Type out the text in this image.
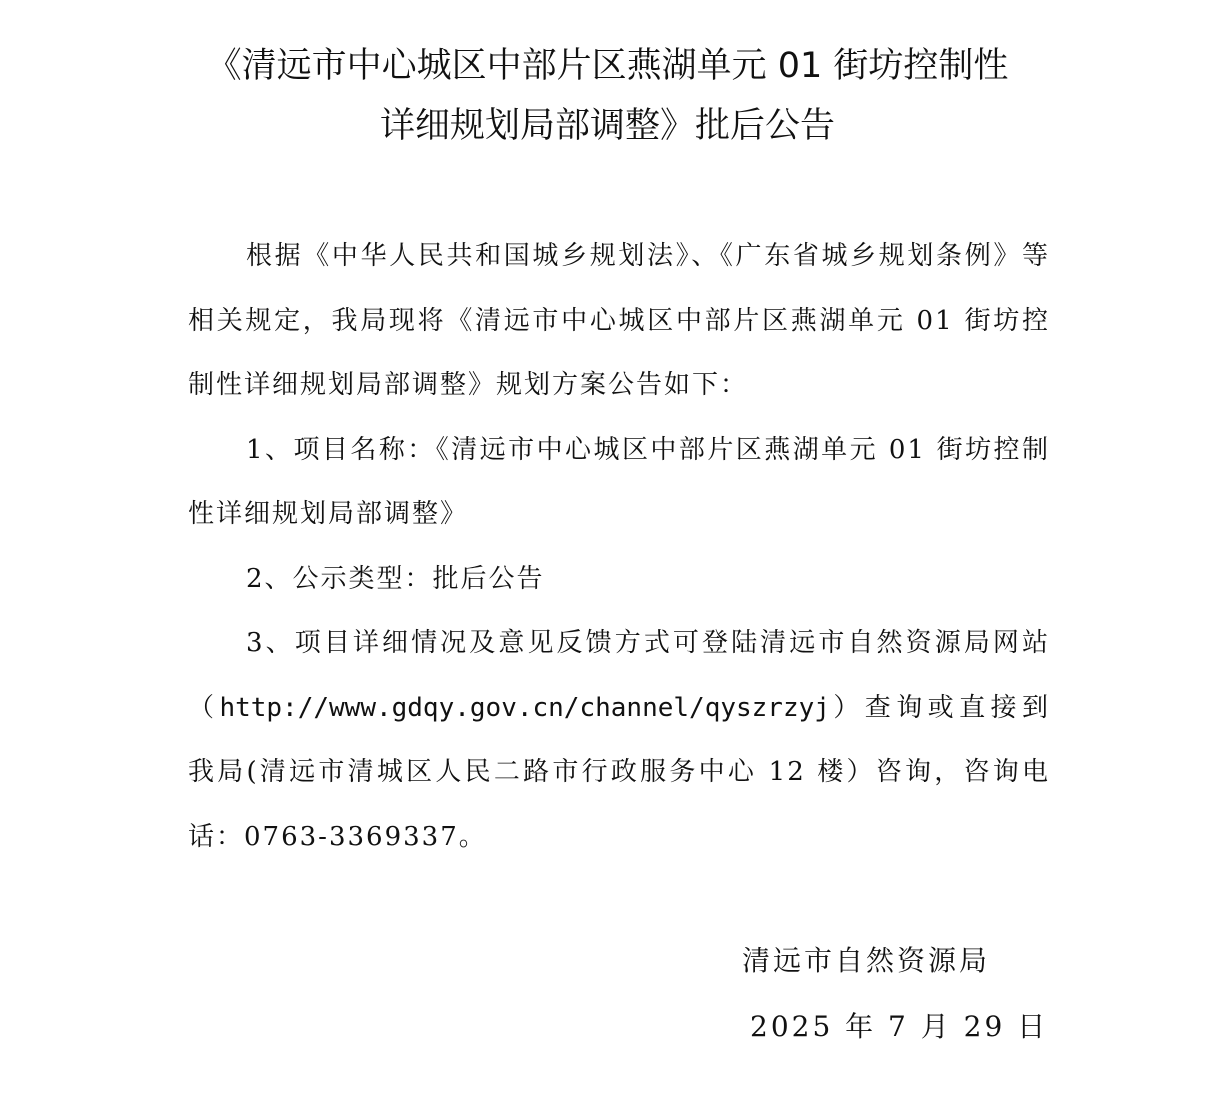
《清远市中心城区中部片区燕湖单元 01 街坊控制性
详细规划局部调整》批后公告

根据《中华人民共和国城乡规划法》、《广东省城乡规划条例》等相关规定，我局现将《清远市中心城区中部片区燕湖单元 01 街坊控制性详细规划局部调整》规划方案公告如下：

1、项目名称：《清远市中心城区中部片区燕湖单元 01 街坊控制性详细规划局部调整》

2、公示类型：批后公告

3、项目详细情况及意见反馈方式可登陆清远市自然资源局网站（http://www.gdqy.gov.cn/channel/qyszrzyj）查询或直接到我局(清远市清城区人民二路市行政服务中心 12 楼）咨询，咨询电话：0763-3369337。

清远市自然资源局
2025 年 7 月 29 日
